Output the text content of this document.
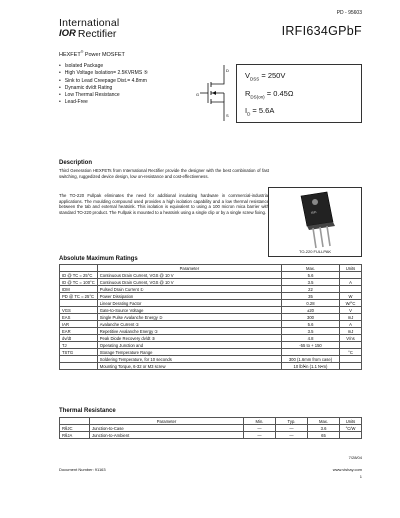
PD - 95603
International
IOR Rectifier	IRFI634GPbF
HEXFET® Power MOSFET
• Isolated Package
• High Voltage Isolation= 2.5KVRMS ⑤
• Sink to Lead Creepage Dist.= 4.8mm
• Dynamic dv/dt Rating
• Low Thermal Resistance
• Lead-Free
G
D
S
$V_{DSS} = 250V$
$R_{DS(on)} = 0.45\Omega$
$I_D = 5.6A$
Description
Third Generation HEXFETs from International Rectifier provide the designer with the best combination of fast switching, ruggedized device design, low on-resistance and cost-effectiveness.
The TO-220 Fullpak eliminates the need for additional insulating hardware in commercial-industrial applications. The moulding compound used provides a high isolation capability and a low thermal resistance between the tab and external heatsink. This isolation is equivalent to using a 100 micron mica barrier with standard TO-220 product. The Fullpak is mounted to a heatsink using a single clip or by a single screw fixing.	IRFI
TO-220 FULLPAK
Absolute Maximum Ratings
	Parameter	Max.	Units
ID @ TC = 25°C	Continuous Drain Current, VGS @ 10 V	5.6	
ID @ TC = 100°C	Continuous Drain Current, VGS @ 10 V	3.5	A
IDM	Pulsed Drain Current ①	22	
PD @ TC = 25°C	Power Dissipation	35	W
	Linear Derating Factor	0.28	W/°C
VGS	Gate-to-Source Voltage	±20	V
EAS	Single Pulse Avalanche Energy ②	300	mJ
IAR	Avalanche Current ①	5.6	A
EAR	Repetitive Avalanche Energy ①	3.5	mJ
dv/dt	Peak Diode Recovery dv/dt ③	4.8	V/ns
TJ	Operating Junction and	-55 to + 150	
TSTG	Storage Temperature Range		°C
	Soldering Temperature, for 10 seconds	300 (1.6mm from case)	
	Mounting Torque, 6-32 or M3 screw	10 lbf•in (1.1 N•m)	
Thermal Resistance
	Parameter	Min.	Typ.	Max.	Units
RθJC	Junction-to-Case	—	—	3.6	°C/W
RθJA	Junction-to-Ambient	—	—	65	
7/28/04
Document Number: 91163	www.vishay.com
1
